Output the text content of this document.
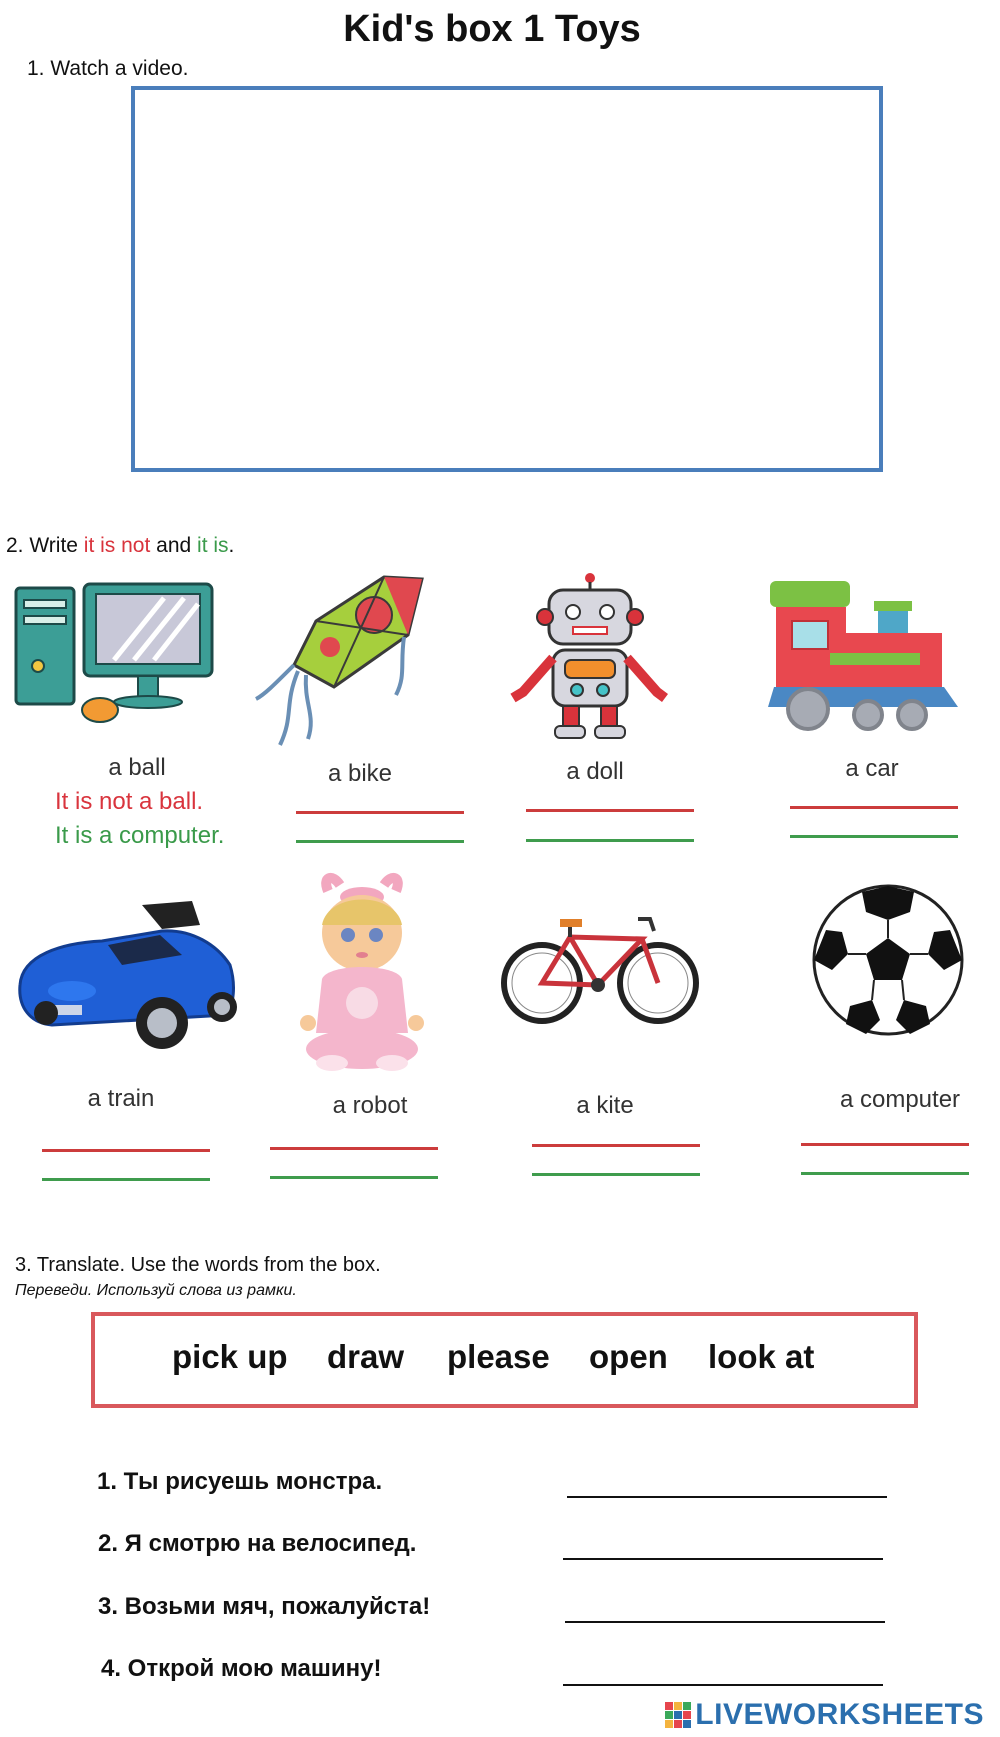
Kid's box 1 Toys
1. Watch a video.
2. Write it is not and it is.
a ball
It is not a ball.
It is a computer.
a bike	a doll	a car
a train	a robot	a kite	a computer
3. Translate. Use the words from the box.
Переведи. Используй слова из рамки.
pick up draw please open look at
1. Ты рисуешь монстра.
2. Я смотрю на велосипед.
3. Возьми мяч, пожалуйста!
4. Открой мою машину!
LIVEWORKSHEETS
